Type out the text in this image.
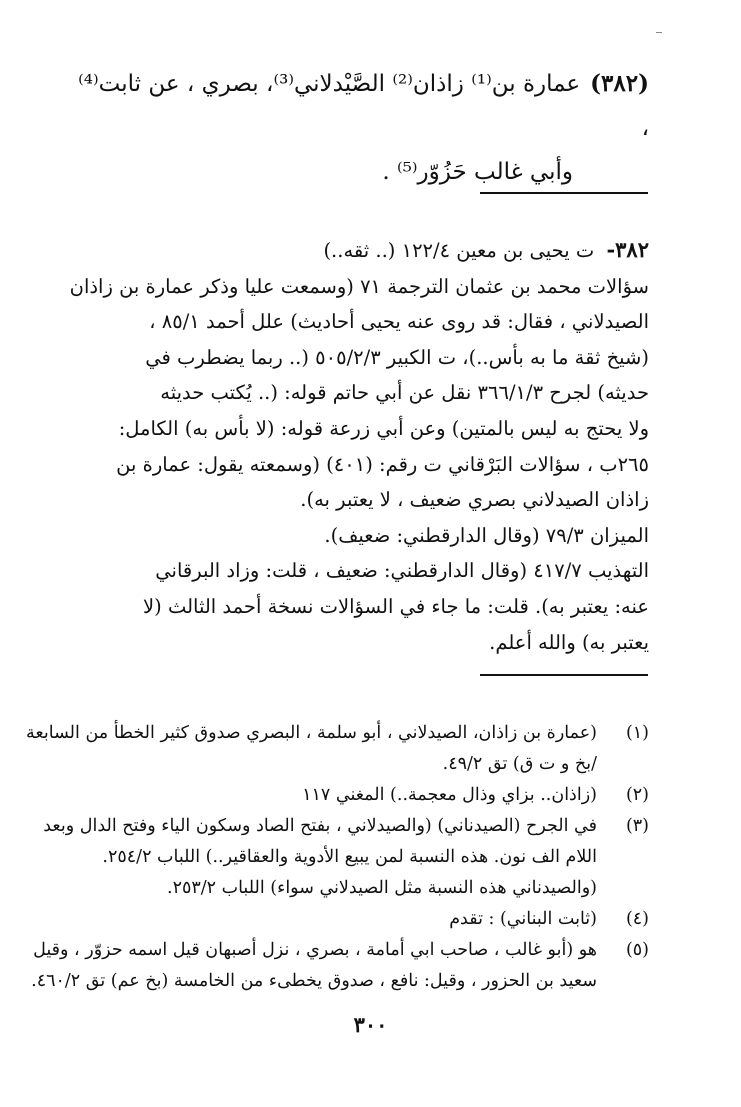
(٣٨٢)عمارة بن⁽¹⁾ زاذان⁽²⁾ الصَّيْدلاني⁽³⁾، بصري ، عن ثابت⁽⁴⁾ ،
وأبي غالب حَزُوّر⁽⁵⁾ .
٣٨٢- ت يحيى بن معين ١٢٢/٤ (.. ثقه..)
سؤالات محمد بن عثمان الترجمة ٧١ (وسمعت عليا وذكر عمارة بن زاذان
الصيدلاني ، فقال: قد روى عنه يحيى أحاديث) علل أحمد ٨٥/١ ،
(شيخ ثقة ما به بأس..)، ت الكبير ٥٠٥/٢/٣ (.. ربما يضطرب في
حديثه) لجرح ٣٦٦/١/٣ نقل عن أبي حاتم قوله: (.. يُكتب حديثه
ولا يحتج به ليس بالمتين) وعن أبي زرعة قوله: (لا بأس به) الكامل:
٢٦٥ب ، سؤالات البَرْقاني ت رقم: (٤٠١) (وسمعته يقول: عمارة بن
زاذان الصيدلاني بصري ضعيف ، لا يعتبر به).
الميزان ٧٩/٣ (وقال الدارقطني: ضعيف).
التهذيب ٤١٧/٧ (وقال الدارقطني: ضعيف ، قلت: وزاد البرقاني
عنه: يعتبر به). قلت: ما جاء في السؤالات نسخة أحمد الثالث (لا
يعتبر به) والله أعلم.
(١)
(عمارة بن زاذان، الصيدلاني ، أبو سلمة ، البصري صدوق كثير الخطأ من السابعة
/بخ و ت ق) تق ٤٩/٢.
(٢)
(زاذان.. بزاي وذال معجمة..) المغني ١١٧
(٣)
في الجرح (الصيدناني) (والصيدلاني ، بفتح الصاد وسكون الياء وفتح الدال وبعد
اللام الف نون. هذه النسبة لمن يبيع الأدوية والعقاقير..) اللباب ٢٥٤/٢.
(والصيدناني هذه النسبة مثل الصيدلاني سواء) اللباب ٢٥٣/٢.
(٤)
(ثابت البناني) : تقدم
(٥)
هو (أبو غالب ، صاحب ابي أمامة ، بصري ، نزل أصبهان قيل اسمه حزوّر ، وقيل
سعيد بن الحزور ، وقيل: نافع ، صدوق يخطىء من الخامسة (بخ عم) تق ٤٦٠/٢.
٣٠٠
